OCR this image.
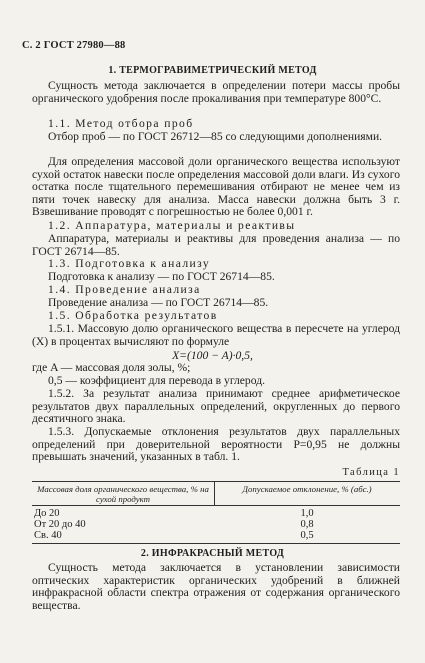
С. 2 ГОСТ 27980—88
1. ТЕРМОГРАВИМЕТРИЧЕСКИЙ МЕТОД
Сущность метода заключается в определении потери массы пробы органического удобрения после прокаливания при температуре 800°С.
1.1. Метод отбора проб
Отбор проб — по ГОСТ 26712—85 со следующими дополнениями.
Для определения массовой доли органического вещества используют сухой остаток навески после определения массовой доли влаги. Из сухого остатка после тщательного перемешивания отбирают не менее чем из пяти точек навеску для анализа. Масса навески должна быть 3 г. Взвешивание проводят с погрешностью не более 0,001 г.
1.2. Аппаратура, материалы и реактивы
Аппаратура, материалы и реактивы для проведения анализа — по ГОСТ 26714—85.
1.3. Подготовка к анализу
Подготовка к анализу — по ГОСТ 26714—85.
1.4. Проведение анализа
Проведение анализа — по ГОСТ 26714—85.
1.5. Обработка результатов
1.5.1. Массовую долю органического вещества в пересчете на углерод (X) в процентах вычисляют по формуле
X=(100 − A)·0,5,
где A — массовая доля золы, %;
0,5 — коэффициент для перевода в углерод.
1.5.2. За результат анализа принимают среднее арифметическое результатов двух параллельных определений, округленных до первого десятичного знака.
2. ИНФРАКРАСНЫЙ МЕТОД
Сущность метода заключается в установлении зависимости оптических характеристик органических удобрений в ближней инфракрасной области спектра отражения от содержания органического вещества.
1.5.3. Допускаемые отклонения результатов двух параллельных определений при доверительной вероятности P=0,95 не должны превышать значений, указанных в табл. 1.
Таблица 1
Массовая доля органического вещества, % на сухой продукт
Допускаемое отклонение, % (абс.)
До 20	1,0
От 20 до 40	0,8
Св. 40	0,5
